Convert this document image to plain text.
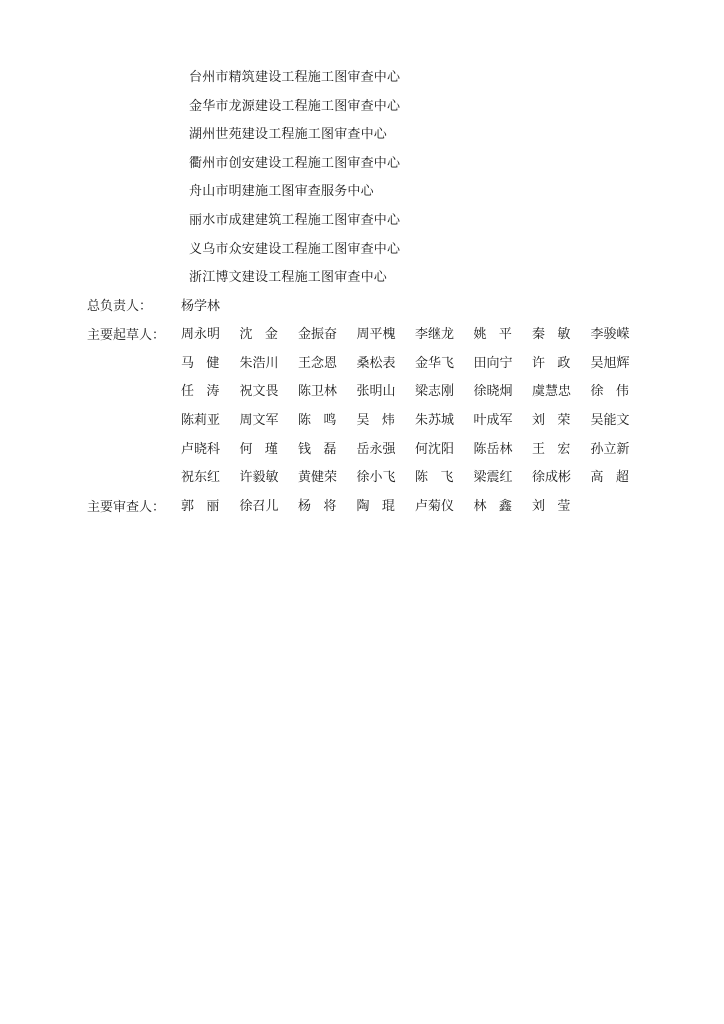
台州市精筑建设工程施工图审查中心
金华市龙源建设工程施工图审查中心
湖州世苑建设工程施工图审查中心
衢州市创安建设工程施工图审查中心
舟山市明建施工图审查服务中心
丽水市成建建筑工程施工图审查中心
义乌市众安建设工程施工图审查中心
浙江博文建设工程施工图审查中心
总负责人： 杨学林
主要起草人： 周永明	沈金 金振奋	周平槐	李继龙	姚平 秦敏 李骏嵘
马健 朱浩川	王念恩	桑松表	金华飞	田向宁	许政 吴旭辉
任涛 祝文畏	陈卫林	张明山	梁志刚	徐晓炯	虞慧忠	徐伟
陈莉亚	周文军	陈鸣 吴炜 朱苏城	叶成军	刘荣 吴能文
卢晓科	何瑾 钱磊 岳永强	何沈阳	陈岳林	王宏 孙立新
祝东红	许毅敏	黄健荣	徐小飞	陈飞 梁震红	徐成彬	高超
主要审查人： 郭丽 徐召儿	杨将 陶琨 卢菊仪	林鑫 刘莹
